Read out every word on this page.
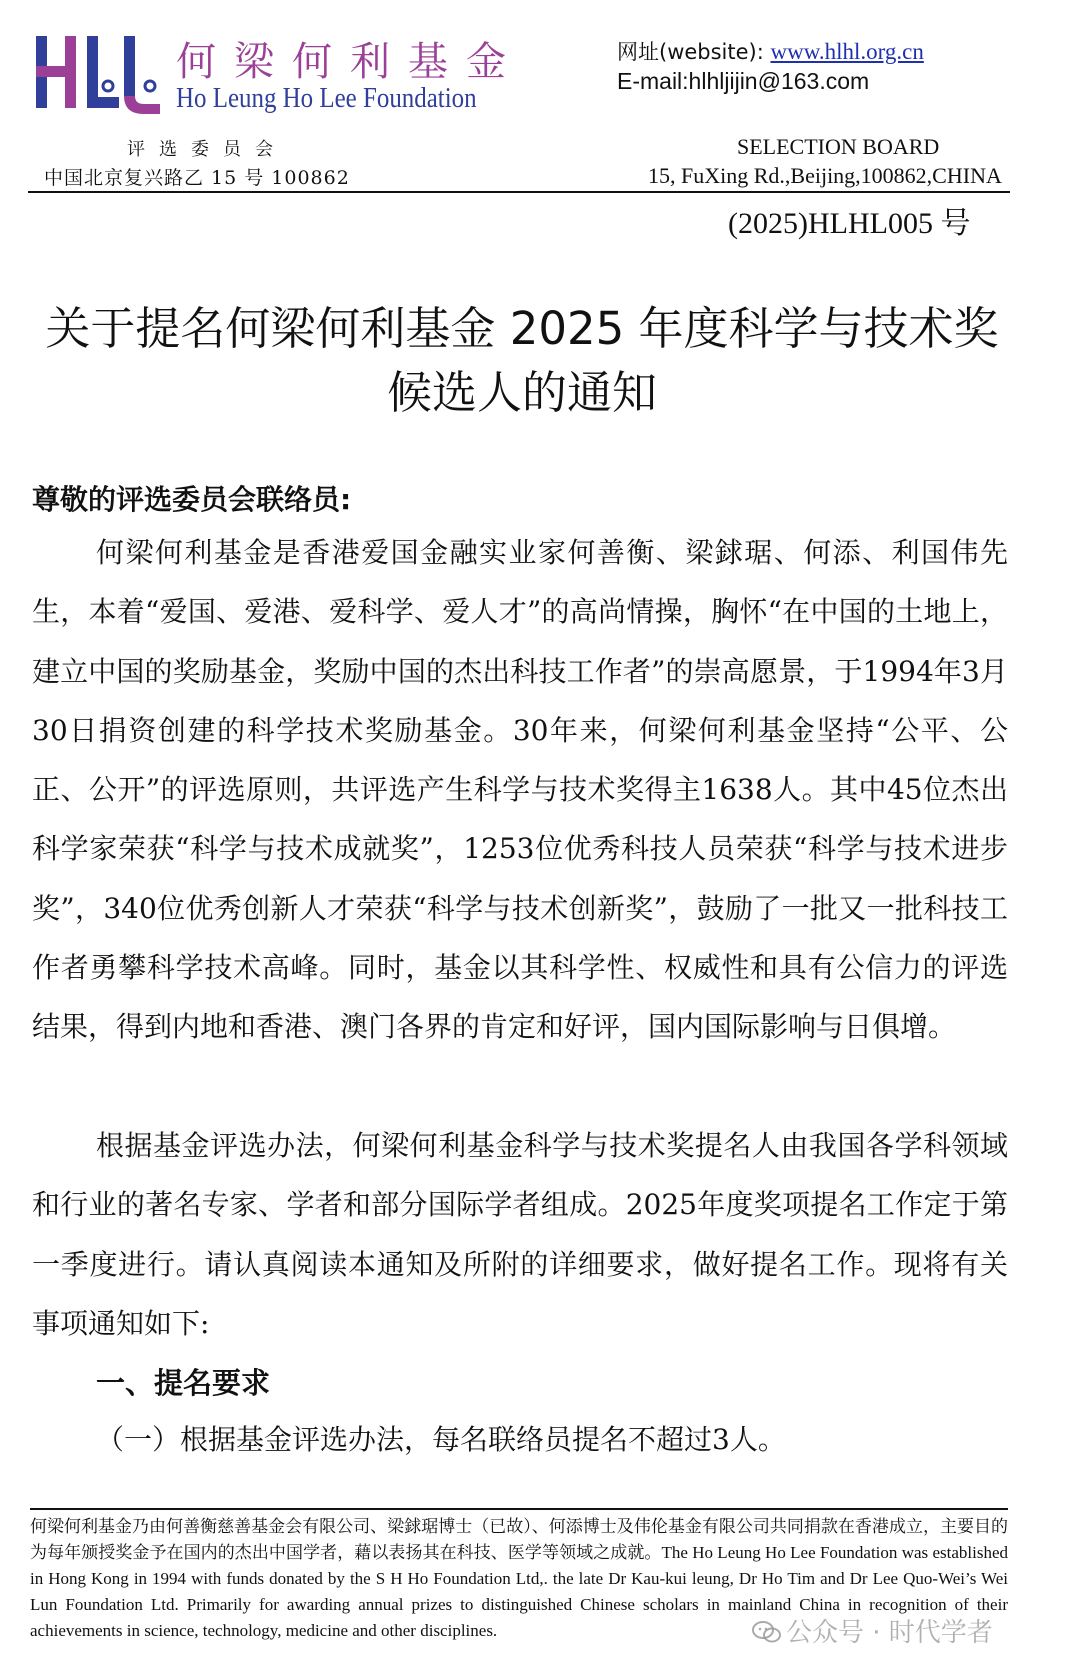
何梁何利基金
Ho Leung Ho Lee Foundation
网址(website): www.hlhl.org.cn
E-mail:hlhljijin@163.com
评选委员会	SELECTION BOARD
中国北京复兴路乙 15 号 100862	15, FuXing Rd.,Beijing,100862,CHINA
(2025)HLHL005 号
关于提名何梁何利基金 2025 年度科学与技术奖
候选人的通知
尊敬的评选委员会联络员:

何梁何利基金是香港爱国金融实业家何善衡、梁銶琚、何添、利国伟先生，本着“爱国、爱港、爱科学、爱人才”的高尚情操，胸怀“在中国的土地上，建立中国的奖励基金，奖励中国的杰出科技工作者”的崇高愿景，于1994年3月30日捐资创建的科学技术奖励基金。30年来，何梁何利基金坚持“公平、公正、公开”的评选原则，共评选产生科学与技术奖得主1638人。其中45位杰出科学家荣获“科学与技术成就奖”，1253位优秀科技人员荣获“科学与技术进步奖”，340位优秀创新人才荣获“科学与技术创新奖”，鼓励了一批又一批科技工作者勇攀科学技术高峰。同时，基金以其科学性、权威性和具有公信力的评选结果，得到内地和香港、澳门各界的肯定和好评，国内国际影响与日俱增。

根据基金评选办法，何梁何利基金科学与技术奖提名人由我国各学科领域和行业的著名专家、学者和部分国际学者组成。2025年度奖项提名工作定于第一季度进行。请认真阅读本通知及所附的详细要求，做好提名工作。现将有关事项通知如下:

一、提名要求
（一）根据基金评选办法，每名联络员提名不超过3人。

何梁何利基金乃由何善衡慈善基金会有限公司、梁銶琚博士（已故）、何添博士及伟伦基金有限公司共同捐款在香港成立，主要目的为每年颁授奖金予在国内的杰出中国学者，藉以表扬其在科技、医学等领域之成就。The Ho Leung Ho Lee Foundation was established in Hong Kong in 1994 with funds donated by the S H Ho Foundation Ltd,. the late Dr Kau-kui leung, Dr Ho Tim and Dr Lee Quo-Wei’s Wei Lun Foundation Ltd. Primarily for awarding annual prizes to distinguished Chinese scholars in mainland China in recognition of their achievements in science, technology, medicine and other disciplines.	公众号 · 时代学者
